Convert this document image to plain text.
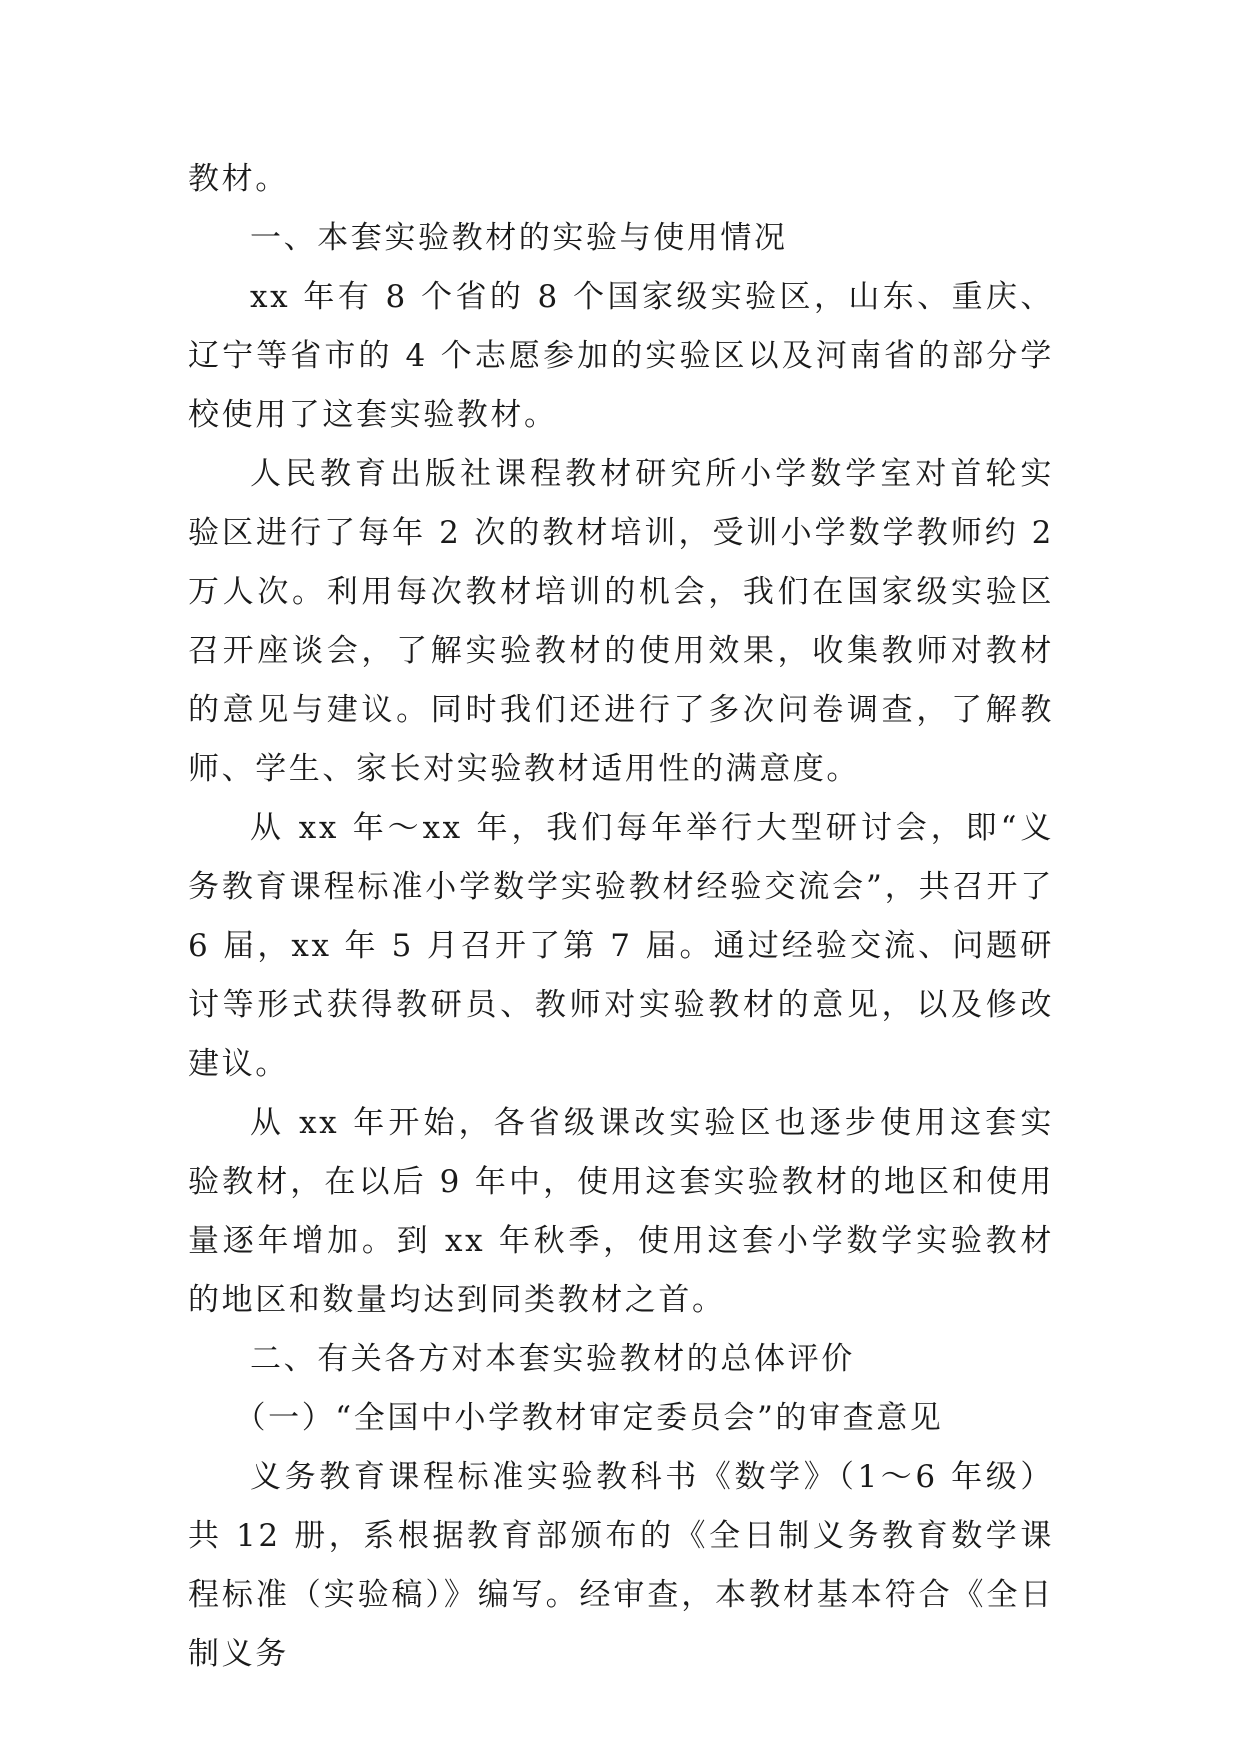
教材。

一、本套实验教材的实验与使用情况

xx 年有 8 个省的 8 个国家级实验区，山东、重庆、辽宁等省市的 4 个志愿参加的实验区以及河南省的部分学校使用了这套实验教材。

人民教育出版社课程教材研究所小学数学室对首轮实验区进行了每年 2 次的教材培训，受训小学数学教师约 2 万人次。利用每次教材培训的机会，我们在国家级实验区召开座谈会，了解实验教材的使用效果，收集教师对教材的意见与建议。同时我们还进行了多次问卷调查，了解教师、学生、家长对实验教材适用性的满意度。

从 xx 年～xx 年，我们每年举行大型研讨会，即“义务教育课程标准小学数学实验教材经验交流会”，共召开了 6 届，xx 年 5 月召开了第 7 届。通过经验交流、问题研讨等形式获得教研员、教师对实验教材的意见，以及修改建议。

从 xx 年开始，各省级课改实验区也逐步使用这套实验教材，在以后 9 年中，使用这套实验教材的地区和使用量逐年增加。到 xx 年秋季，使用这套小学数学实验教材的地区和数量均达到同类教材之首。

二、有关各方对本套实验教材的总体评价

（一）“全国中小学教材审定委员会”的审查意见

义务教育课程标准实验教科书《数学》（1～6 年级）共 12 册，系根据教育部颁布的《全日制义务教育数学课程标准（实验稿）》编写。经审查，本教材基本符合《全日制义务
